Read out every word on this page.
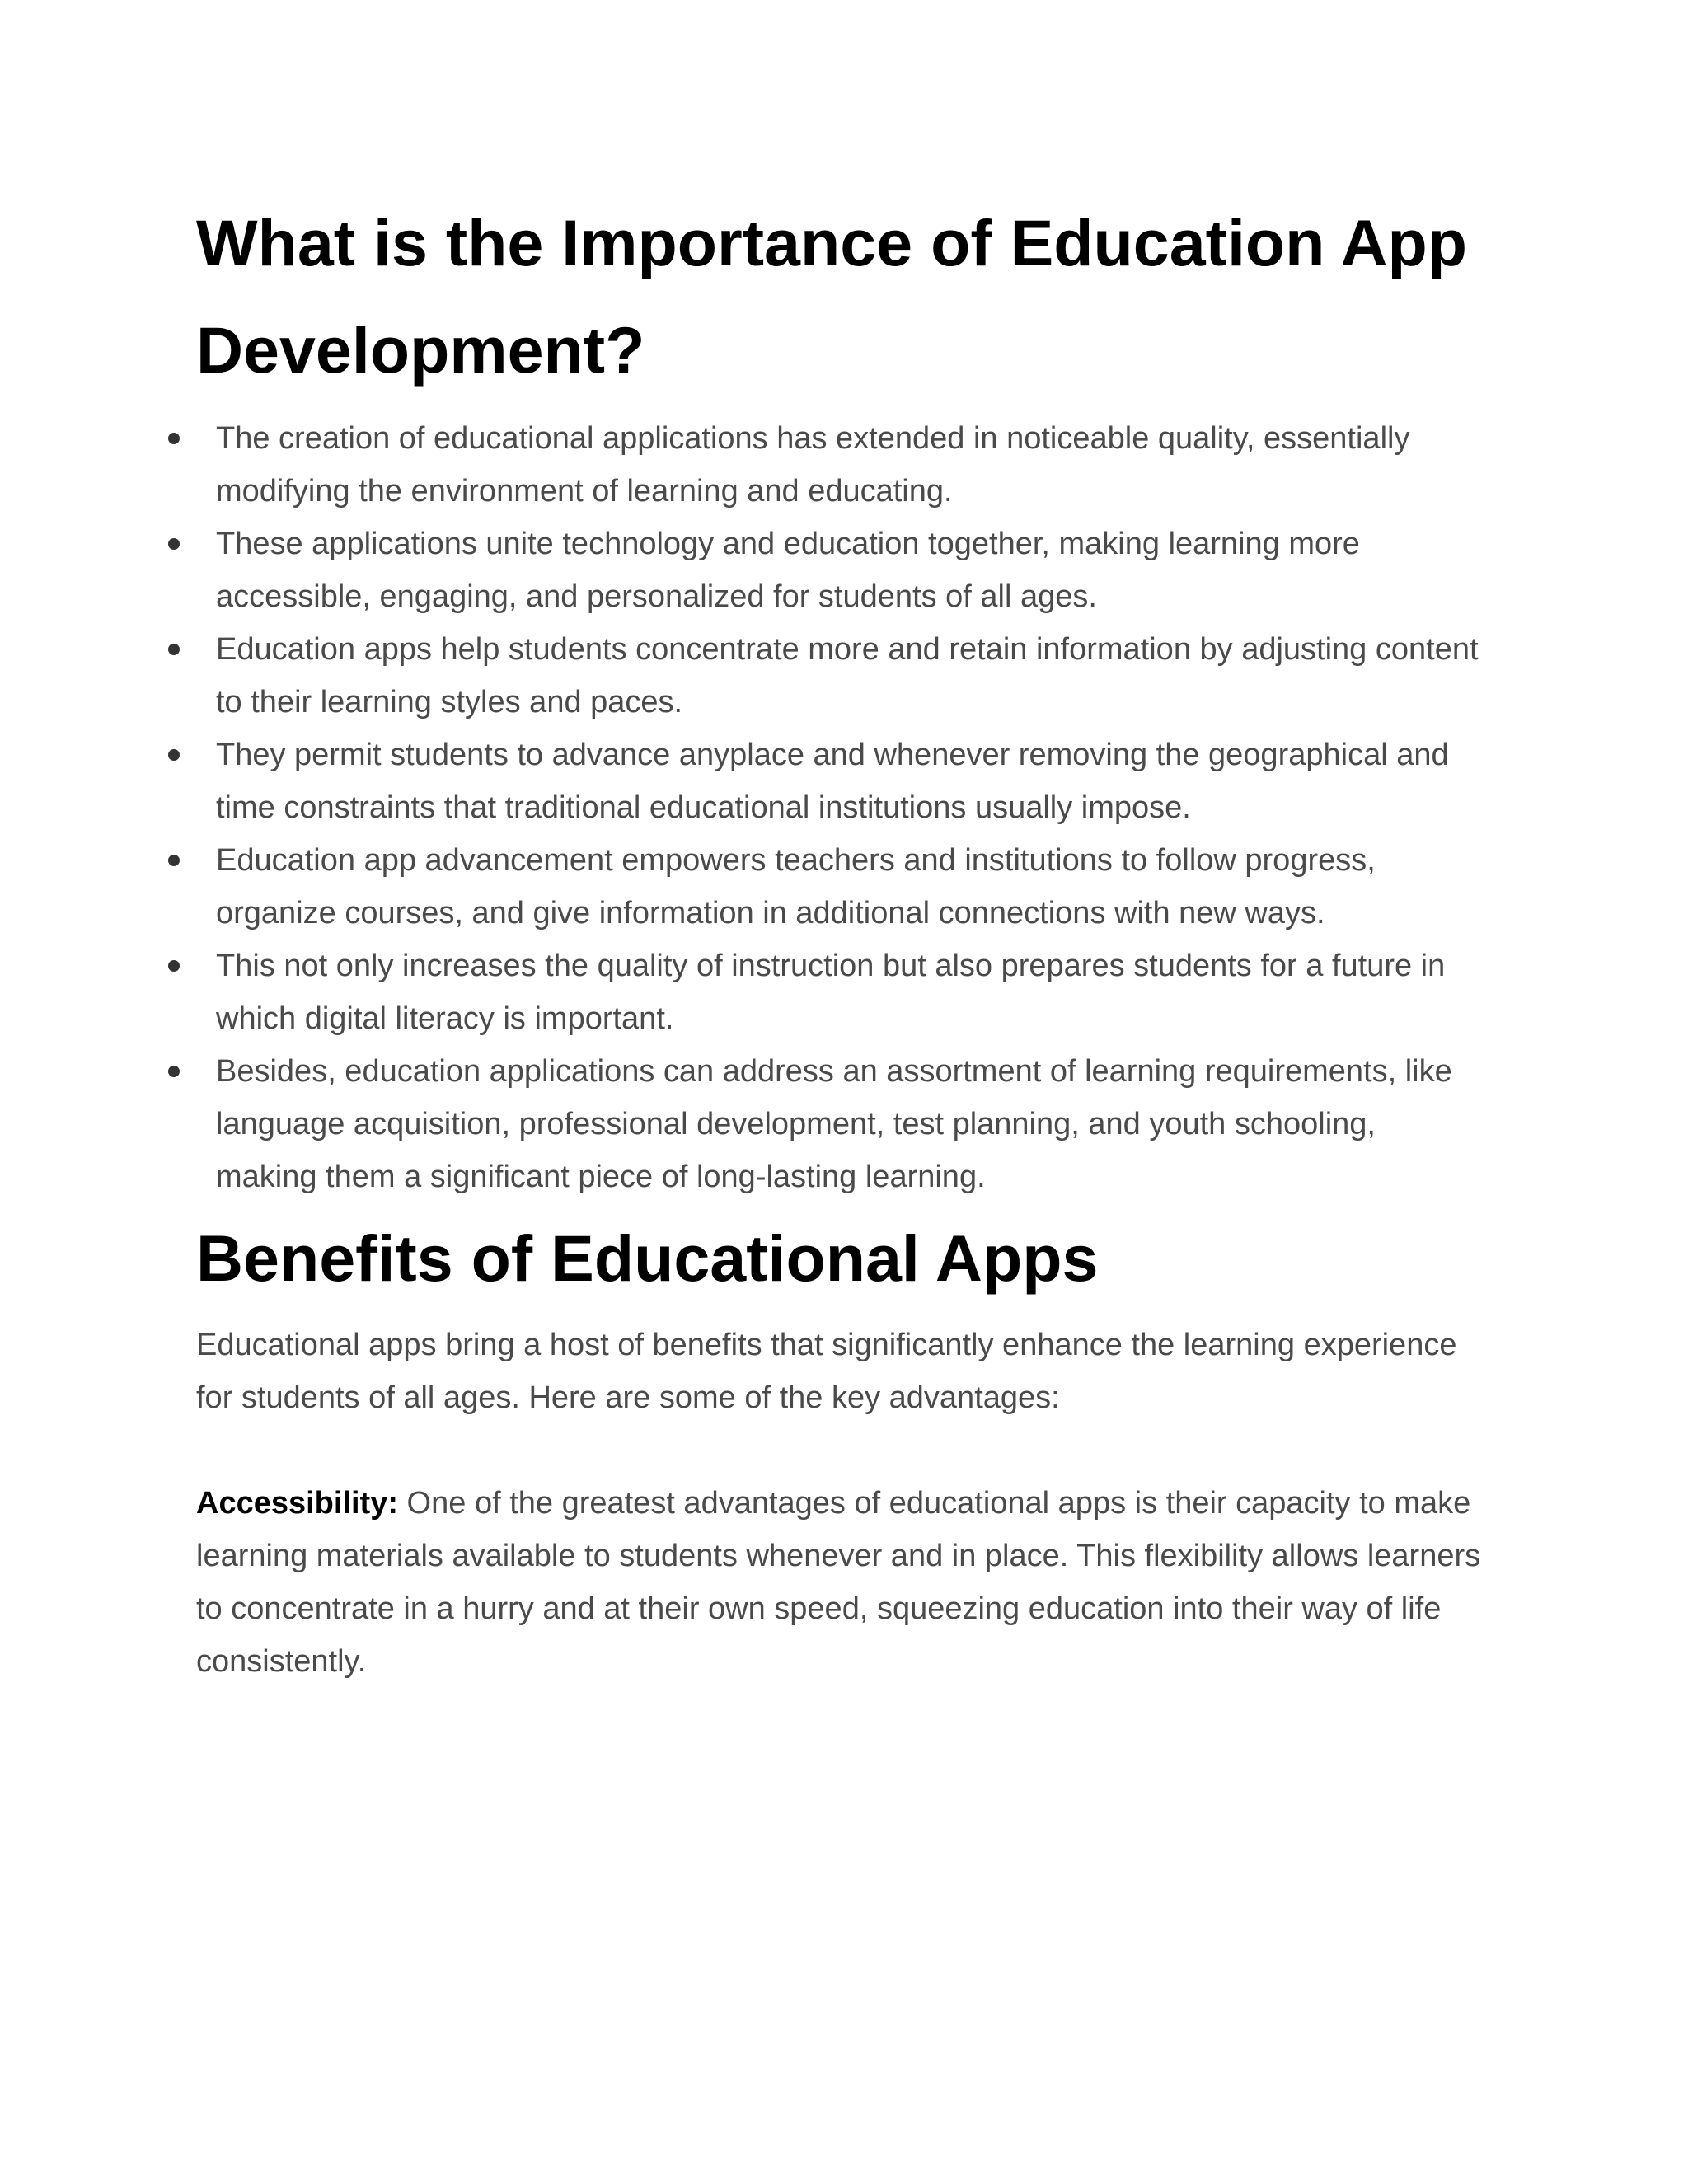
What is the Importance of Education App Development?
The creation of educational applications has extended in noticeable quality, essentially modifying the environment of learning and educating.
These applications unite technology and education together, making learning more accessible, engaging, and personalized for students of all ages.
Education apps help students concentrate more and retain information by adjusting content to their learning styles and paces.
They permit students to advance anyplace and whenever removing the geographical and time constraints that traditional educational institutions usually impose.
Education app advancement empowers teachers and institutions to follow progress, organize courses, and give information in additional connections with new ways.
This not only increases the quality of instruction but also prepares students for a future in which digital literacy is important.
Besides, education applications can address an assortment of learning requirements, like language acquisition, professional development, test planning, and youth schooling, making them a significant piece of long-lasting learning.
Benefits of Educational Apps

Educational apps bring a host of benefits that significantly enhance the learning experience for students of all ages. Here are some of the key advantages:

Accessibility: One of the greatest advantages of educational apps is their capacity to make learning materials available to students whenever and in place. This flexibility allows learners to concentrate in a hurry and at their own speed, squeezing education into their way of life consistently.
